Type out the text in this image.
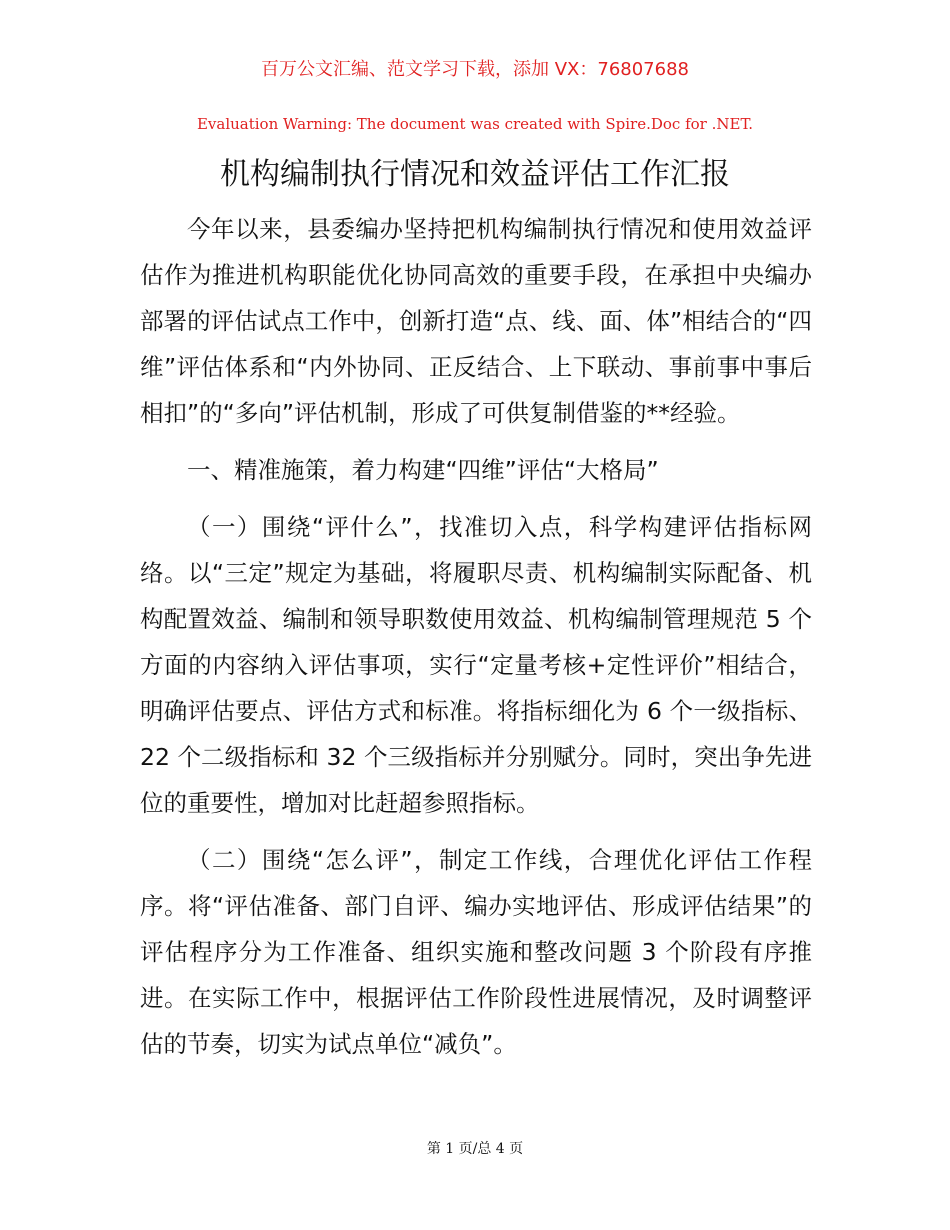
百万公文汇编、范文学习下载，添加 VX：76807688
Evaluation Warning: The document was created with Spire.Doc for .NET.
机构编制执行情况和效益评估工作汇报

今年以来，县委编办坚持把机构编制执行情况和使用效益评估作为推进机构职能优化协同高效的重要手段，在承担中央编办部署的评估试点工作中，创新打造“点、线、面、体”相结合的“四维”评估体系和“内外协同、正反结合、上下联动、事前事中事后相扣”的“多向”评估机制，形成了可供复制借鉴的**经验。

一、精准施策，着力构建“四维”评估“大格局”

（一）围绕“评什么”，找准切入点，科学构建评估指标网络。以“三定”规定为基础，将履职尽责、机构编制实际配备、机构配置效益、编制和领导职数使用效益、机构编制管理规范 5 个方面的内容纳入评估事项，实行“定量考核+定性评价”相结合，明确评估要点、评估方式和标准。将指标细化为 6 个一级指标、22 个二级指标和 32 个三级指标并分别赋分。同时，突出争先进位的重要性，增加对比赶超参照指标。

（二）围绕“怎么评”，制定工作线，合理优化评估工作程序。将“评估准备、部门自评、编办实地评估、形成评估结果”的评估程序分为工作准备、组织实施和整改问题 3 个阶段有序推进。在实际工作中，根据评估工作阶段性进展情况，及时调整评估的节奏，切实为试点单位“减负”。

第 1 页/总 4 页
